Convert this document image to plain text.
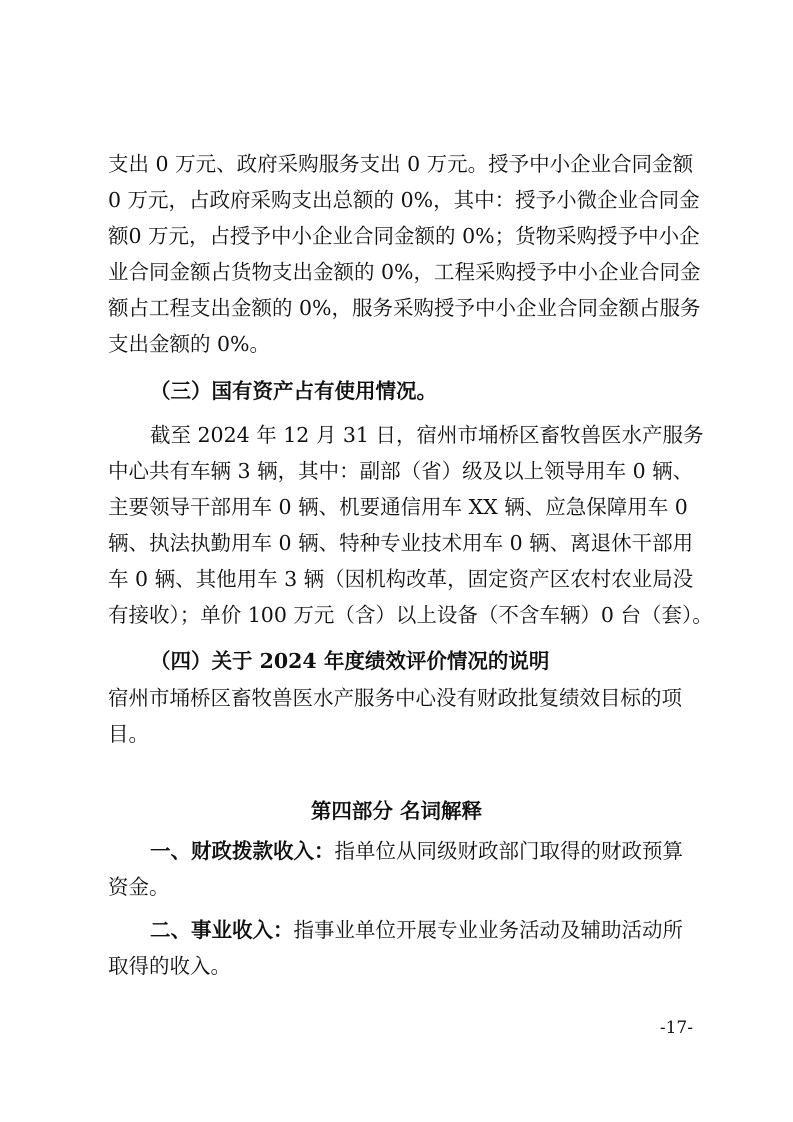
支出 0 万元、政府采购服务支出 0 万元。授予中小企业合同金额
0 万元，占政府采购支出总额的 0%，其中：授予小微企业合同金
额0 万元，占授予中小企业合同金额的 0%；货物采购授予中小企
业合同金额占货物支出金额的 0%，工程采购授予中小企业合同金
额占工程支出金额的 0%，服务采购授予中小企业合同金额占服务
支出金额的 0%。
（三）国有资产占有使用情况。
截至 2024 年 12 月 31 日，宿州市埇桥区畜牧兽医水产服务
中心共有车辆 3 辆，其中：副部（省）级及以上领导用车 0 辆、
主要领导干部用车 0 辆、机要通信用车 XX 辆、应急保障用车 0
辆、执法执勤用车 0 辆、特种专业技术用车 0 辆、离退休干部用
车 0 辆、其他用车 3 辆（因机构改革，固定资产区农村农业局没
有接收）；单价 100 万元（含）以上设备（不含车辆）0 台（套）。
（四）关于 2024 年度绩效评价情况的说明
宿州市埇桥区畜牧兽医水产服务中心没有财政批复绩效目标的项
目。
第四部分 名词解释
一、财政拨款收入：指单位从同级财政部门取得的财政预算
资金。
二、事业收入：指事业单位开展专业业务活动及辅助活动所
取得的收入。
-17-
